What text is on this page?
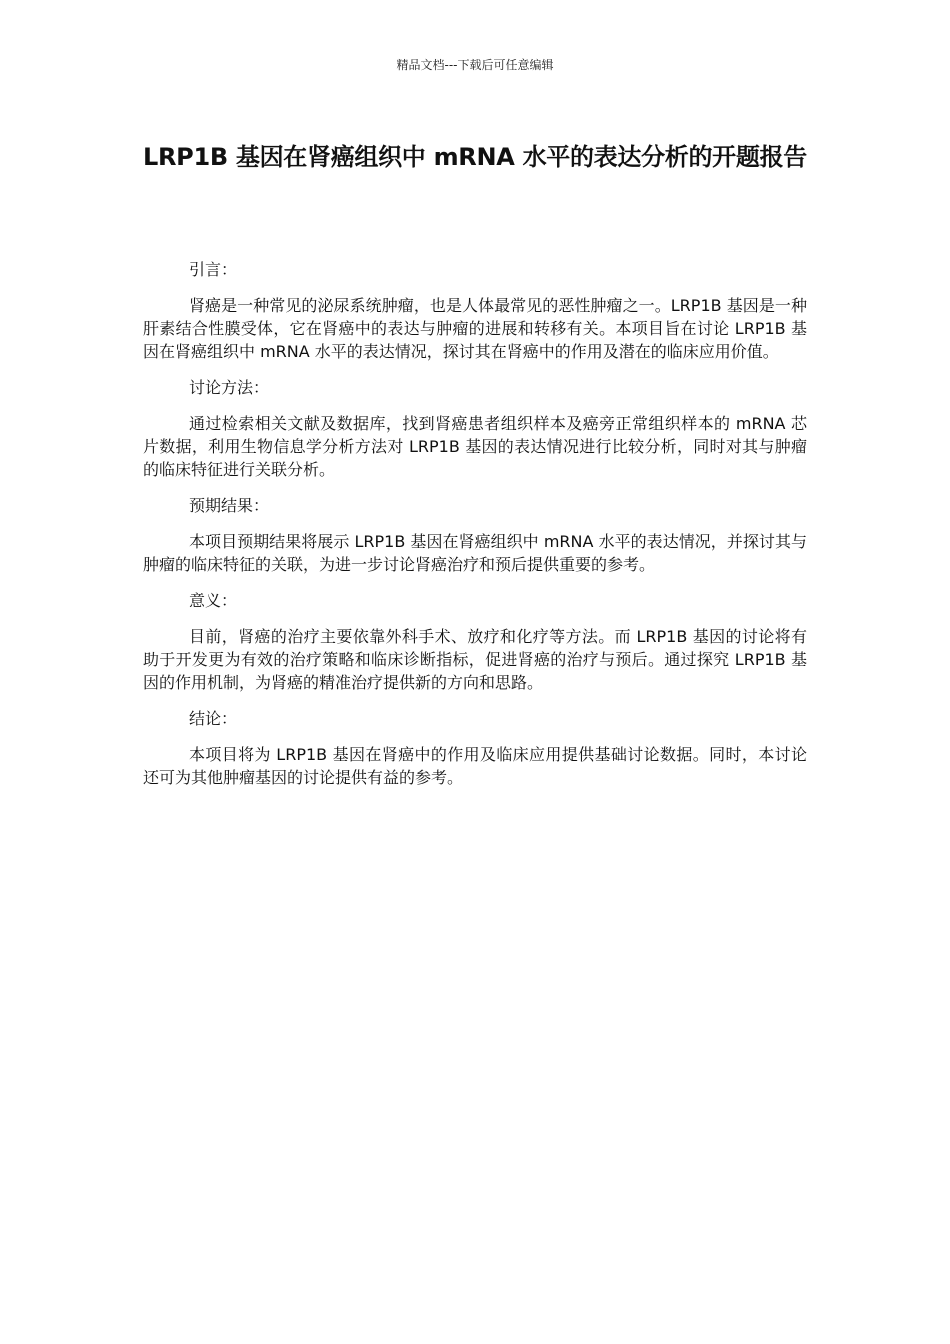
精品文档---下载后可任意编辑
LRP1B 基因在肾癌组织中 mRNA 水平的表达分析的开题报告

引言：

肾癌是一种常见的泌尿系统肿瘤，也是人体最常见的恶性肿瘤之一。LRP1B 基因是一种肝素结合性膜受体，它在肾癌中的表达与肿瘤的进展和转移有关。本项目旨在讨论 LRP1B 基因在肾癌组织中 mRNA 水平的表达情况，探讨其在肾癌中的作用及潜在的临床应用价值。

讨论方法：

通过检索相关文献及数据库，找到肾癌患者组织样本及癌旁正常组织样本的 mRNA 芯片数据，利用生物信息学分析方法对 LRP1B 基因的表达情况进行比较分析，同时对其与肿瘤的临床特征进行关联分析。

预期结果：

本项目预期结果将展示 LRP1B 基因在肾癌组织中 mRNA 水平的表达情况，并探讨其与肿瘤的临床特征的关联，为进一步讨论肾癌治疗和预后提供重要的参考。

意义：

目前，肾癌的治疗主要依靠外科手术、放疗和化疗等方法。而 LRP1B 基因的讨论将有助于开发更为有效的治疗策略和临床诊断指标，促进肾癌的治疗与预后。通过探究 LRP1B 基因的作用机制，为肾癌的精准治疗提供新的方向和思路。

结论：

本项目将为 LRP1B 基因在肾癌中的作用及临床应用提供基础讨论数据。同时，本讨论还可为其他肿瘤基因的讨论提供有益的参考。
